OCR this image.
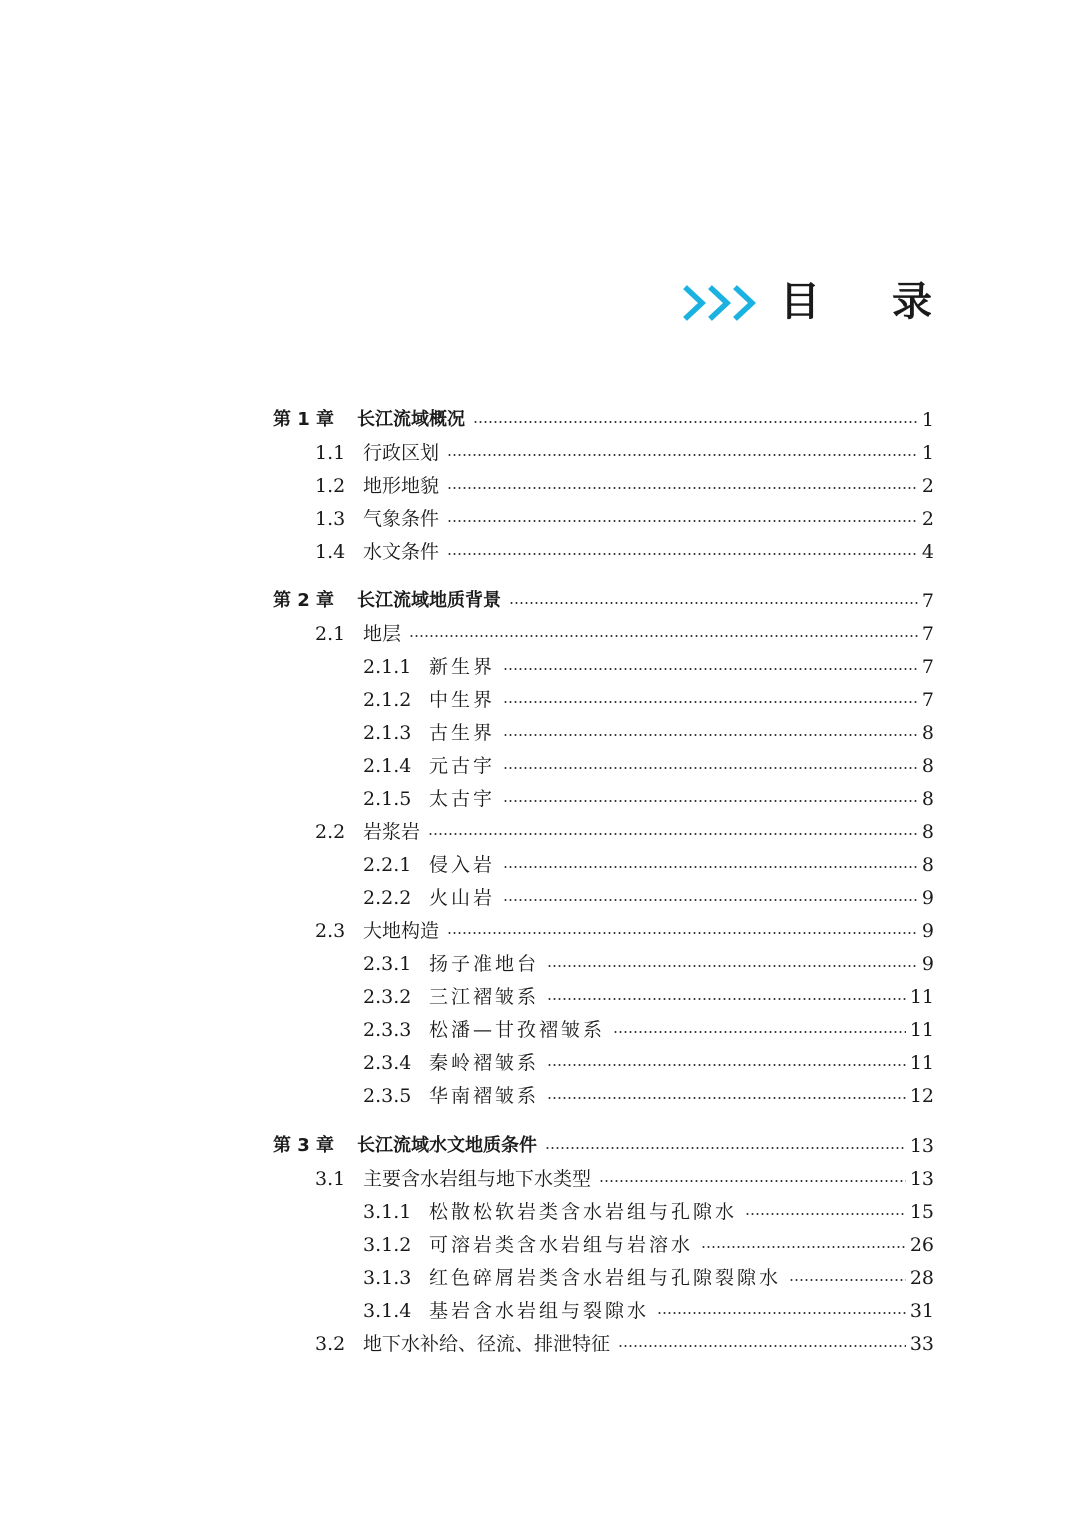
目 录
第 1 章	长江流域概况	1
1.1 行政区划	1
1.2 地形地貌	2
1.3 气象条件	2
1.4 水文条件	4
第 2 章	长江流域地质背景	7
2.1 地层	7
2.1.1 新生界	7
2.1.2 中生界	7
2.1.3 古生界	8
2.1.4 元古宇	8
2.1.5 太古宇	8
2.2 岩浆岩	8
2.2.1 侵入岩	8
2.2.2 火山岩	9
2.3 大地构造	9
2.3.1 扬子准地台	9
2.3.2 三江褶皱系	11
2.3.3 松潘—甘孜褶皱系	11
2.3.4 秦岭褶皱系	11
2.3.5 华南褶皱系	12
第 3 章	长江流域水文地质条件	13
3.1 主要含水岩组与地下水类型	13
3.1.1 松散松软岩类含水岩组与孔隙水	15
3.1.2 可溶岩类含水岩组与岩溶水	26
3.1.3 红色碎屑岩类含水岩组与孔隙裂隙水	28
3.1.4 基岩含水岩组与裂隙水	31
3.2 地下水补给、径流、排泄特征	33
